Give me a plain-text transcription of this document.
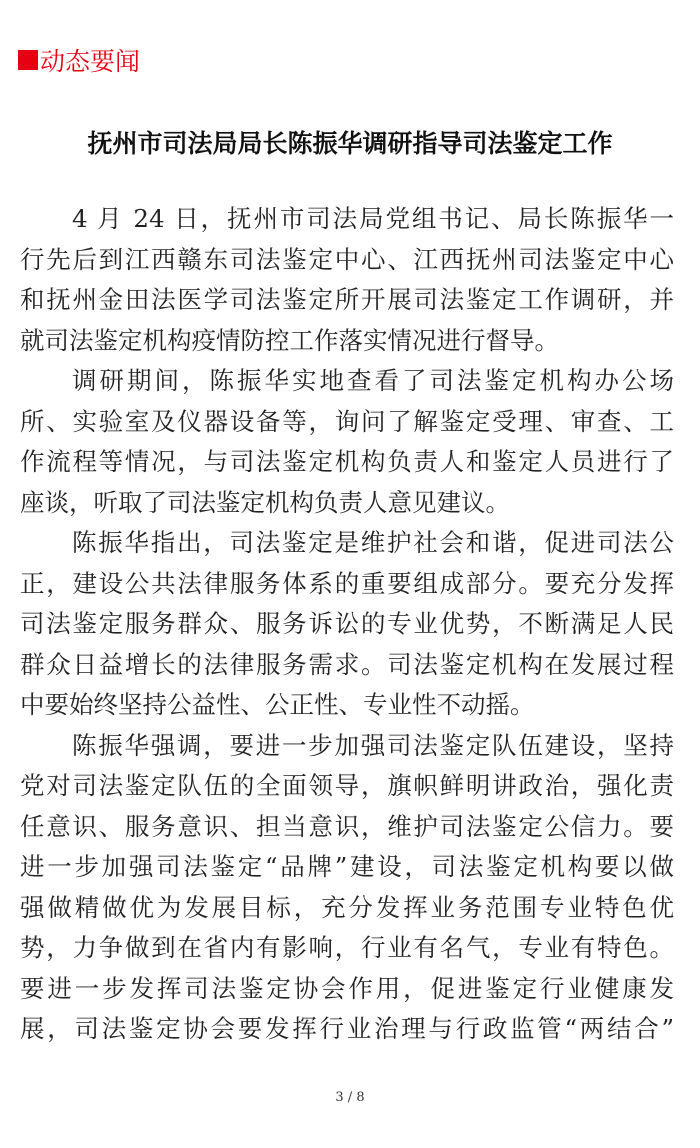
动态要闻
抚州市司法局局长陈振华调研指导司法鉴定工作
4 月 24 日，抚州市司法局党组书记、局长陈振华一
行先后到江西赣东司法鉴定中心、江西抚州司法鉴定中心
和抚州金田法医学司法鉴定所开展司法鉴定工作调研，并
就司法鉴定机构疫情防控工作落实情况进行督导。
调研期间，陈振华实地查看了司法鉴定机构办公场
所、实验室及仪器设备等，询问了解鉴定受理、审查、工
作流程等情况，与司法鉴定机构负责人和鉴定人员进行了
座谈，听取了司法鉴定机构负责人意见建议。
陈振华指出，司法鉴定是维护社会和谐，促进司法公
正，建设公共法律服务体系的重要组成部分。要充分发挥
司法鉴定服务群众、服务诉讼的专业优势，不断满足人民
群众日益增长的法律服务需求。司法鉴定机构在发展过程
中要始终坚持公益性、公正性、专业性不动摇。
陈振华强调，要进一步加强司法鉴定队伍建设，坚持
党对司法鉴定队伍的全面领导，旗帜鲜明讲政治，强化责
任意识、服务意识、担当意识，维护司法鉴定公信力。要
进一步加强司法鉴定“品牌”建设，司法鉴定机构要以做
强做精做优为发展目标，充分发挥业务范围专业特色优
势，力争做到在省内有影响，行业有名气，专业有特色。
要进一步发挥司法鉴定协会作用，促进鉴定行业健康发
展，司法鉴定协会要发挥行业治理与行政监管“两结合”
3 / 8
